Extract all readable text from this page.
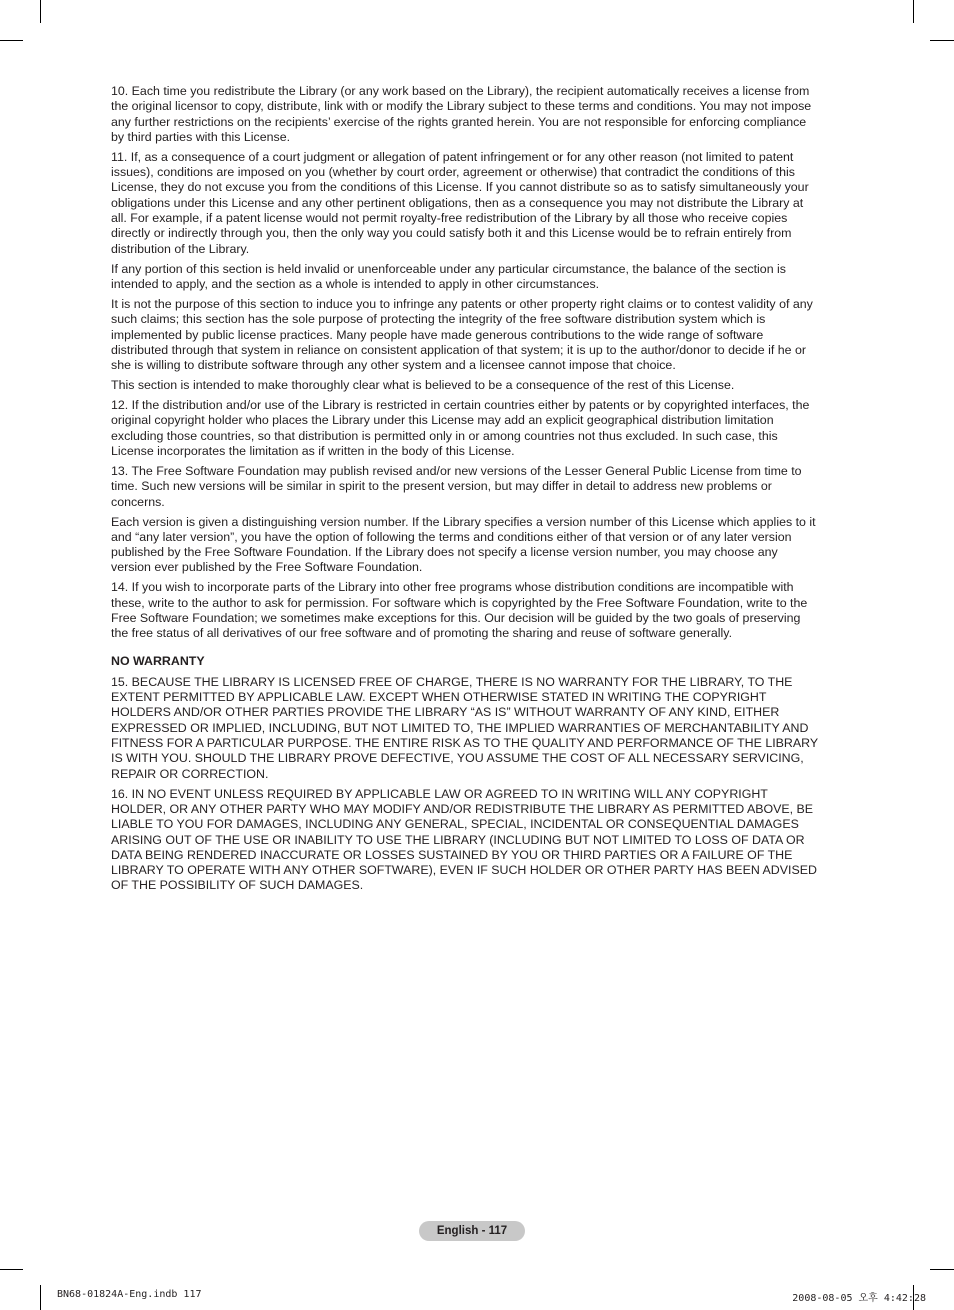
10. Each time you redistribute the Library (or any work based on the Library), the recipient automatically receives a license from the original licensor to copy, distribute, link with or modify the Library subject to these terms and conditions. You may not impose any further restrictions on the recipients’ exercise of the rights granted herein. You are not responsible for enforcing compliance by third parties with this License.

11. If, as a consequence of a court judgment or allegation of patent infringement or for any other reason (not limited to patent issues), conditions are imposed on you (whether by court order, agreement or otherwise) that contradict the conditions of this License, they do not excuse you from the conditions of this License. If you cannot distribute so as to satisfy simultaneously your obligations under this License and any other pertinent obligations, then as a consequence you may not distribute the Library at all. For example, if a patent license would not permit royalty-free redistribution of the Library by all those who receive copies directly or indirectly through you, then the only way you could satisfy both it and this License would be to refrain entirely from distribution of the Library.

If any portion of this section is held invalid or unenforceable under any particular circumstance, the balance of the section is intended to apply, and the section as a whole is intended to apply in other circumstances.

It is not the purpose of this section to induce you to infringe any patents or other property right claims or to contest validity of any such claims; this section has the sole purpose of protecting the integrity of the free software distribution system which is implemented by public license practices. Many people have made generous contributions to the wide range of software distributed through that system in reliance on consistent application of that system; it is up to the author/donor to decide if he or she is willing to distribute software through any other system and a licensee cannot impose that choice.

This section is intended to make thoroughly clear what is believed to be a consequence of the rest of this License.

12. If the distribution and/or use of the Library is restricted in certain countries either by patents or by copyrighted interfaces, the original copyright holder who places the Library under this License may add an explicit geographical distribution limitation excluding those countries, so that distribution is permitted only in or among countries not thus excluded. In such case, this License incorporates the limitation as if written in the body of this License.

13. The Free Software Foundation may publish revised and/or new versions of the Lesser General Public License from time to time. Such new versions will be similar in spirit to the present version, but may differ in detail to address new problems or concerns.

Each version is given a distinguishing version number. If the Library specifies a version number of this License which applies to it and “any later version”, you have the option of following the terms and conditions either of that version or of any later version published by the Free Software Foundation. If the Library does not specify a license version number, you may choose any version ever published by the Free Software Foundation.

14. If you wish to incorporate parts of the Library into other free programs whose distribution conditions are incompatible with these, write to the author to ask for permission. For software which is copyrighted by the Free Software Foundation, write to the Free Software Foundation; we sometimes make exceptions for this. Our decision will be guided by the two goals of preserving the free status of all derivatives of our free software and of promoting the sharing and reuse of software generally.

NO WARRANTY

15. BECAUSE THE LIBRARY IS LICENSED FREE OF CHARGE, THERE IS NO WARRANTY FOR THE LIBRARY, TO THE EXTENT PERMITTED BY APPLICABLE LAW. EXCEPT WHEN OTHERWISE STATED IN WRITING THE COPYRIGHT HOLDERS AND/OR OTHER PARTIES PROVIDE THE LIBRARY “AS IS” WITHOUT WARRANTY OF ANY KIND, EITHER EXPRESSED OR IMPLIED, INCLUDING, BUT NOT LIMITED TO, THE IMPLIED WARRANTIES OF MERCHANTABILITY AND FITNESS FOR A PARTICULAR PURPOSE. THE ENTIRE RISK AS TO THE QUALITY AND PERFORMANCE OF THE LIBRARY IS WITH YOU. SHOULD THE LIBRARY PROVE DEFECTIVE, YOU ASSUME THE COST OF ALL NECESSARY SERVICING, REPAIR OR CORRECTION.

16. IN NO EVENT UNLESS REQUIRED BY APPLICABLE LAW OR AGREED TO IN WRITING WILL ANY COPYRIGHT HOLDER, OR ANY OTHER PARTY WHO MAY MODIFY AND/OR REDISTRIBUTE THE LIBRARY AS PERMITTED ABOVE, BE LIABLE TO YOU FOR DAMAGES, INCLUDING ANY GENERAL, SPECIAL, INCIDENTAL OR CONSEQUENTIAL DAMAGES ARISING OUT OF THE USE OR INABILITY TO USE THE LIBRARY (INCLUDING BUT NOT LIMITED TO LOSS OF DATA OR DATA BEING RENDERED INACCURATE OR LOSSES SUSTAINED BY YOU OR THIRD PARTIES OR A FAILURE OF THE LIBRARY TO OPERATE WITH ANY OTHER SOFTWARE), EVEN IF SUCH HOLDER OR OTHER PARTY HAS BEEN ADVISED OF THE POSSIBILITY OF SUCH DAMAGES.

English - 117
BN68-01824A-Eng.indb 117	2008-08-05 오후 4:42:28
